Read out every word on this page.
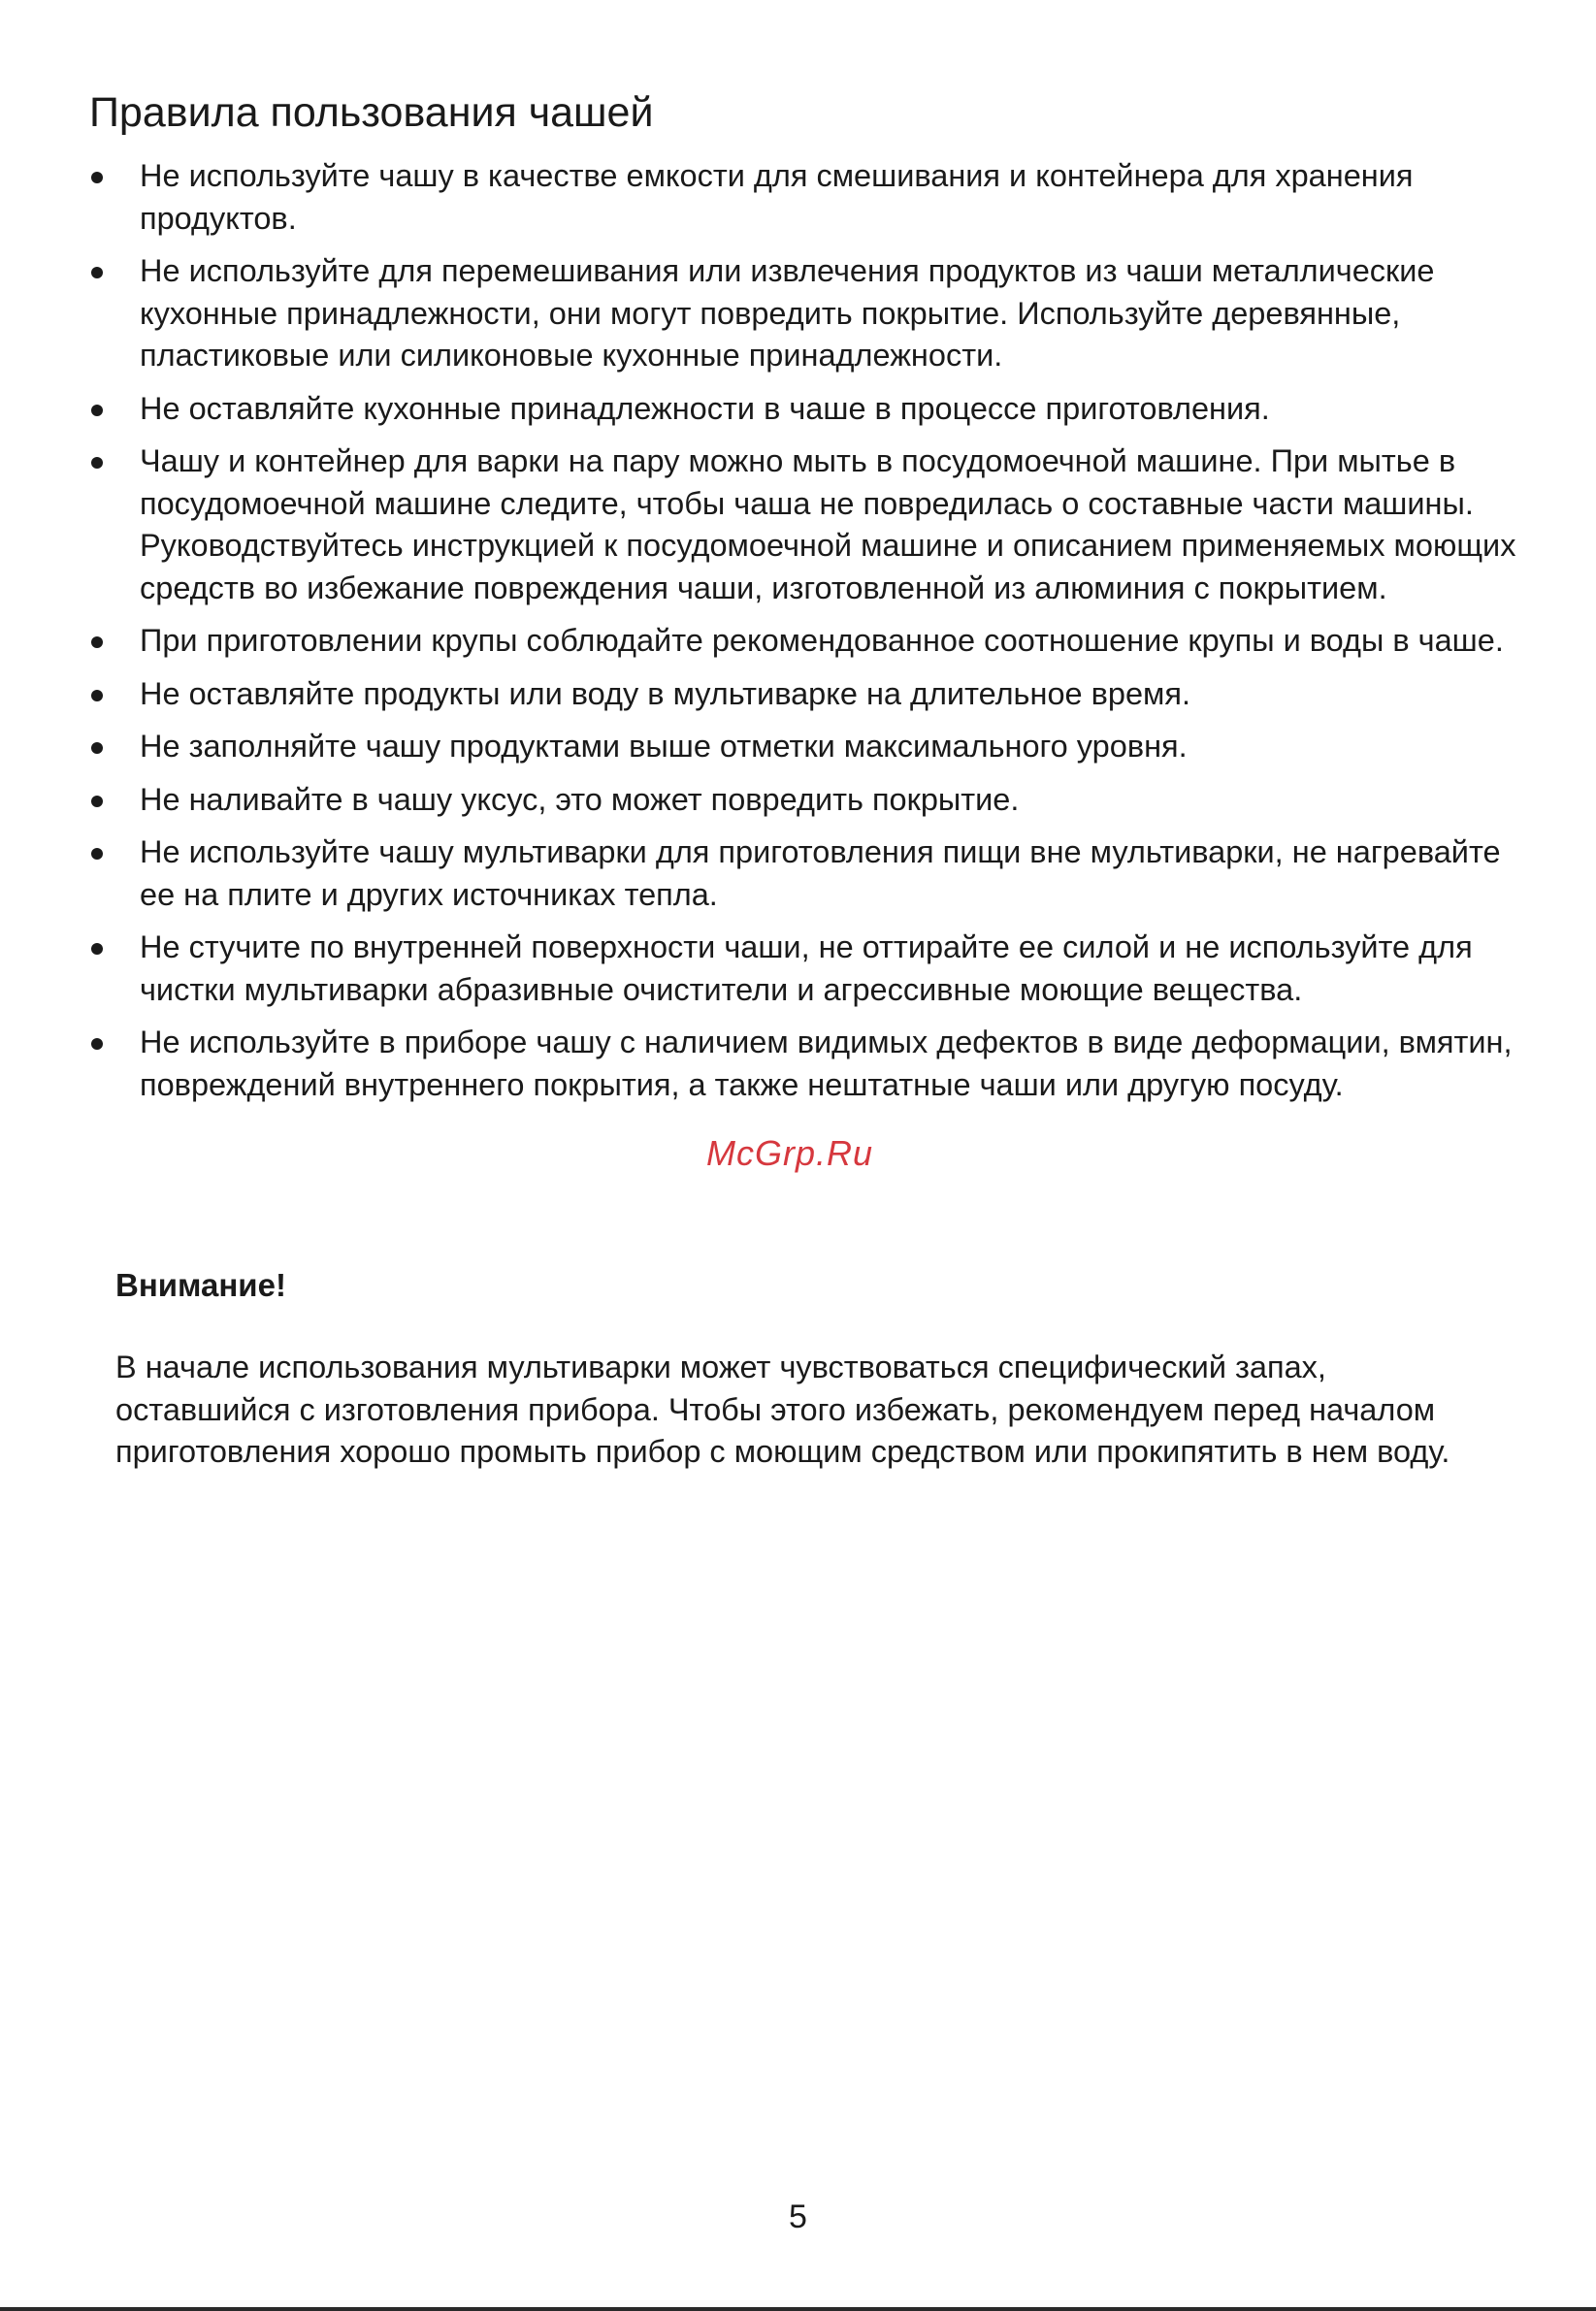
Правила пользования чашей
Не используйте чашу в качестве емкости для смешивания и контейнера для хранения продуктов.
Не используйте для перемешивания или извлечения продуктов из чаши металлические кухонные принадлежности, они могут повредить покрытие. Используйте деревянные, пластиковые или силиконовые кухонные принадлежности.
Не оставляйте кухонные принадлежности в чаше в процессе приготовления.
Чашу и контейнер для варки на пару можно мыть в посудомоечной машине. При мытье в посудомоечной машине следите, чтобы чаша не повредилась о составные части машины. Руководствуйтесь инструкцией к посудомоечной машине и описанием применяемых моющих средств во избежание повреждения чаши, изготовленной из алюминия с покрытием.
При приготовлении крупы соблюдайте рекомендованное соотношение крупы и воды в чаше.
Не оставляйте продукты или воду в мультиварке на длительное время.
Не заполняйте чашу продуктами выше отметки максимального уровня.
Не наливайте в чашу уксус, это может повредить покрытие.
Не используйте чашу мультиварки для приготовления пищи вне мультиварки, не нагревайте ее на плите и других источниках тепла.
Не стучите по внутренней поверхности чаши, не оттирайте ее силой и не используйте для чистки мультиварки абразивные очистители и агрессивные моющие вещества.
Не используйте в приборе чашу с наличием видимых дефектов в виде деформации, вмятин, повреждений внутреннего покрытия, а также нештатные чаши или другую посуду.
McGrp.Ru
Внимание!

В начале использования мультиварки может чувствоваться специфический запах, оставшийся с изготовления прибора. Чтобы этого избежать, рекомендуем перед началом приготовления хорошо промыть прибор с моющим средством или прокипятить в нем воду.

5
